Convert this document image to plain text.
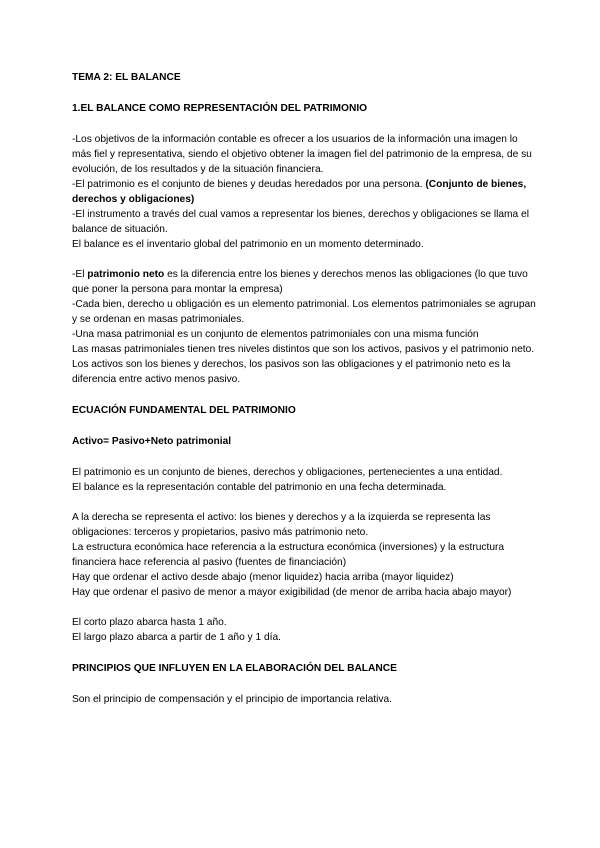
TEMA 2: EL BALANCE

1.EL BALANCE COMO REPRESENTACIÓN DEL PATRIMONIO

-Los objetivos de la información contable es ofrecer a los usuarios de la información una imagen lo más fiel y representativa, siendo el objetivo obtener la imagen fiel del patrimonio de la empresa, de su evolución, de los resultados y de la situación financiera.

-El patrimonio es el conjunto de bienes y deudas heredados por una persona. (Conjunto de bienes, derechos y obligaciones)

-El instrumento a través del cual vamos a representar los bienes, derechos y obligaciones se llama el balance de situación.

El balance es el inventario global del patrimonio en un momento determinado.

-El patrimonio neto es la diferencia entre los bienes y derechos menos las obligaciones (lo que tuvo que poner la persona para montar la empresa)

-Cada bien, derecho u obligación es un elemento patrimonial. Los elementos patrimoniales se agrupan y se ordenan en masas patrimoniales.

-Una masa patrimonial es un conjunto de elementos patrimoniales con una misma función

Las masas patrimoniales tienen tres niveles distintos que son los activos, pasivos y el patrimonio neto.

Los activos son los bienes y derechos, los pasivos son las obligaciones y el patrimonio neto es la diferencia entre activo menos pasivo.

ECUACIÓN FUNDAMENTAL DEL PATRIMONIO

Activo= Pasivo+Neto patrimonial

El patrimonio es un conjunto de bienes, derechos y obligaciones, pertenecientes a una entidad.

El balance es la representación contable del patrimonio en una fecha determinada.

A la derecha se representa el activo: los bienes y derechos y a la izquierda se representa las obligaciones: terceros y propietarios, pasivo más patrimonio neto.

La estructura económica hace referencia a la estructura económica (inversiones) y la estructura financiera hace referencia al pasivo (fuentes de financiación)

Hay que ordenar el activo desde abajo (menor liquidez) hacia arriba (mayor liquidez)

Hay que ordenar el pasivo de menor a mayor exigibilidad (de menor de arriba hacia abajo mayor)

El corto plazo abarca hasta 1 año.

El largo plazo abarca a partir de 1 año y 1 día.

PRINCIPIOS QUE INFLUYEN EN LA ELABORACIÓN DEL BALANCE

Son el principio de compensación y el principio de importancia relativa.
